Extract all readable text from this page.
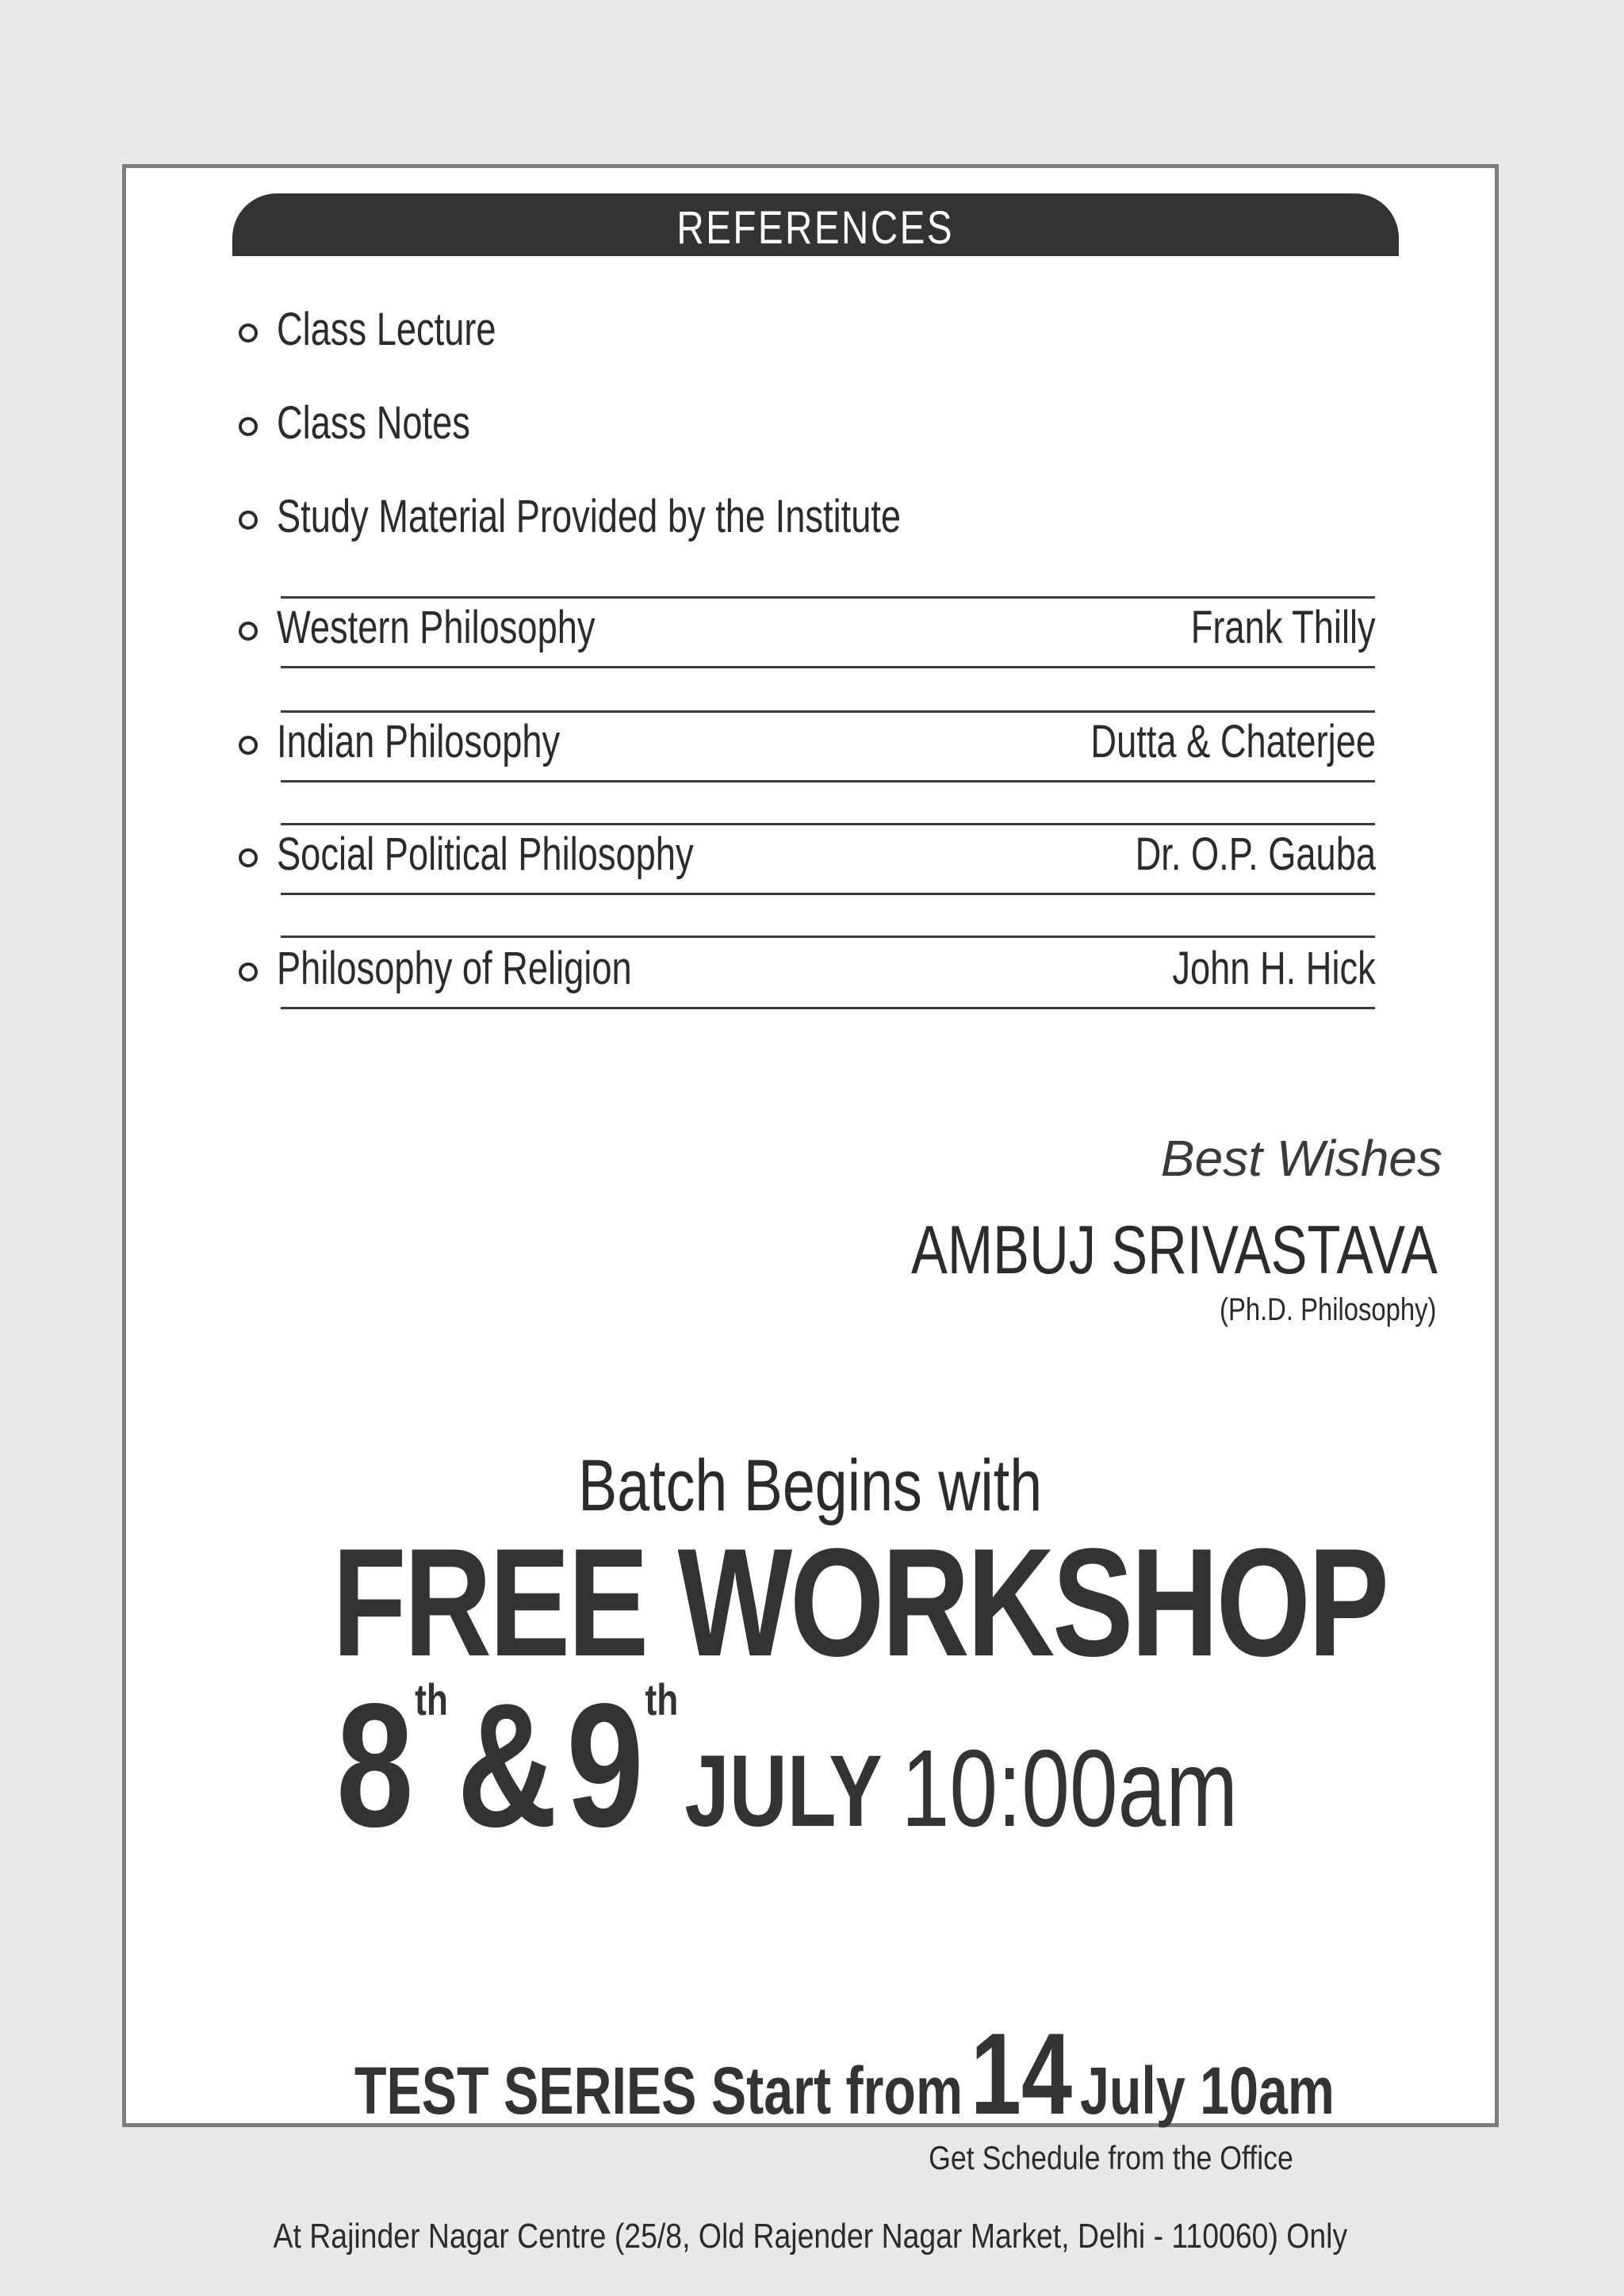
REFERENCES
Class Lecture
Class Notes
Study Material Provided by the Institute
Western Philosophy	Frank Thilly
Indian Philosophy	Dutta & Chaterjee
Social Political Philosophy	Dr. O.P. Gauba
Philosophy of Religion	John H. Hick
Best Wishes
AMBUJ SRIVASTAVA
(Ph.D. Philosophy)
Batch Begins with
FREE WORKSHOP
8th & 9th JULY 10:00am
TEST SERIES Start from 14 July 10am
Get Schedule from the Office
At Rajinder Nagar Centre (25/8, Old Rajender Nagar Market, Delhi - 110060) Only
